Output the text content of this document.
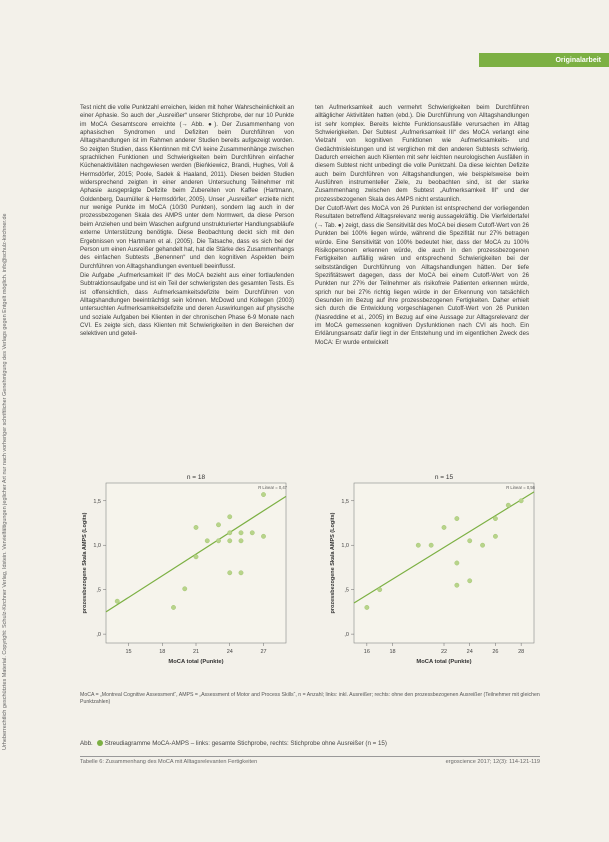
Urheberrechtlich geschütztes Material. Copyright: Schulz-Kirchner Verlag, Idstein. Vervielfältigungen jeglicher Art nur nach vorheriger schriftlicher Genehmigung des Verlags gegen Entgelt möglich. info@schulz-kirchner.de
Originalarbeit

Test nicht die volle Punktzahl erreichen, leiden mit hoher Wahrscheinlichkeit an einer Aphasie. So auch der „Ausreißer“ unserer Stichprobe, der nur 10 Punkte im MoCA Gesamtscore erreichte (→ Abb. ●). Der Zusammenhang von aphasischen Syndromen und Defiziten beim Durchführen von Alltagshandlungen ist im Rahmen anderer Studien bereits aufgezeigt worden. So zeigten Studien, dass Klientinnen mit CVI keine Zusammenhänge zwischen sprachlichen Funktionen und Schwierigkeiten beim Durchführen einfacher Küchenaktivitäten nachgewiesen werden (Bieńkiewicz, Brandi, Hughes, Voll & Hermsdörfer, 2015; Poole, Sadek & Haaland, 2011). Diesen beiden Studien widersprechend zeigten in einer anderen Untersuchung Teilnehmer mit Aphasie ausgeprägte Defizite beim Zubereiten von Kaffee (Hartmann, Goldenberg, Daumüller & Hermsdörfer, 2005). Unser „Ausreißer“ erzielte nicht nur wenige Punkte im MoCA (10/30 Punkten), sondern lag auch in der prozessbezogenen Skala des AMPS unter dem Normwert, da diese Person beim Anziehen und beim Waschen aufgrund unstrukturierter Handlungsabläufe externe Unterstützung benötigte. Diese Beobachtung deckt sich mit den Ergebnissen von Hartmann et al. (2005). Die Tatsache, dass es sich bei der Person um einen Ausreißer gehandelt hat, hat die Stärke des Zusammenhangs des einfachen Subtests „Benennen“ und den kognitiven Aspekten beim Durchführen von Alltagshandlungen eventuell beeinflusst.

Die Aufgabe „Aufmerksamkeit II“ des MoCA bezieht aus einer fortlaufenden Subtraktionsaufgabe und ist ein Teil der schwierigsten des gesamten Tests. Es ist offensichtlich, dass Aufmerksamkeitsdefizite beim Durchführen von Alltagshandlungen beeinträchtigt sein können. McDowd und Kollegen (2003) untersuchten Aufmerksamkeitsdefizite und deren Auswirkungen auf physische und soziale Aufgaben bei Klienten in der chronischen Phase 6-9 Monate nach CVI. Es zeigte sich, dass Klienten mit Schwierigkeiten in den Bereichen der selektiven und geteil-

ten Aufmerksamkeit auch vermehrt Schwierigkeiten beim Durchführen alltäglicher Aktivitäten hatten (ebd.). Die Durchführung von Alltagshandlungen ist sehr komplex. Bereits leichte Funktionsausfälle verursachen im Alltag Schwierigkeiten. Der Subtest „Aufmerksamkeit III“ des MoCA verlangt eine Vielzahl von kognitiven Funktionen wie Aufmerksamkeits- und Gedächtnisleistungen und ist verglichen mit den anderen Subtests schwierig. Dadurch erreichen auch Klienten mit sehr leichten neurologischen Ausfällen in diesem Subtest nicht unbedingt die volle Punktzahl. Da diese leichten Defizite auch beim Durchführen von Alltagshandlungen, wie beispielsweise beim Ausführen instrumenteller Ziele, zu beobachten sind, ist der starke Zusammenhang zwischen dem Subtest „Aufmerksamkeit III“ und der prozessbezogenen Skala des AMPS nicht erstaunlich.

Der Cutoff-Wert des MoCA von 26 Punkten ist entsprechend der vorliegenden Resultaten betreffend Alltagsrelevanz wenig aussagekräftig. Die Vierfeldertafel (→ Tab. ●) zeigt, dass die Sensitivität des MoCA bei diesem Cutoff-Wert von 26 Punkten bei 100% liegen würde, während die Spezifität nur 27% betragen würde. Eine Sensitivität von 100% bedeutet hier, dass der MoCA zu 100% Risikopersonen erkennen würde, die auch in den prozessbezogenen Fertigkeiten auffällig wären und entsprechend Schwierigkeiten bei der selbstständigen Durchführung von Alltagshandlungen hätten. Der tiefe Spezifitätswert dagegen, dass der MoCA bei einem Cutoff-Wert von 26 Punkten nur 27% der Teilnehmer als risikofreie Patienten erkennen würde, sprich nur bei 27% richtig liegen würde in der Erkennung von tatsächlich Gesunden im Bezug auf ihre prozessbezogenen Fertigkeiten. Daher erhielt sich durch die Entwicklung vorgeschlagenen Cutoff-Wert von 26 Punkten (Nasreddine et al., 2005) im Bezug auf eine Aussage zur Alltagsrelevanz der im MoCA gemessenen kognitiven Dysfunktionen nach CVI als hoch. Ein Erklärungsansatz dafür liegt in der Entstehung und im eigentlichen Zweck des MoCA: Er wurde entwickelt

n = 18
R Linear = 0,47
15	18	21	24	27
1,5
1,0
,5
,0
MoCA total (Punkte)
prozessbezogene Skala AMPS (Logits)
n = 15
R Linear = 0,56
16	18	22	24	26	28
1,5
1,0
,5
,0
MoCA total (Punkte)
prozessbezogene Skala AMPS (Logits)
MoCA = „Montreal Cognitive Assessment“, AMPS = „Assessment of Motor and Process Skills“, n = Anzahl; links: inkl. Ausreißer; rechts: ohne den prozessbezogenen Ausreißer (Teilnehmer mit gleichen Punktzahlen)
Abb. Streudiagramme MoCA-AMPS – links: gesamte Stichprobe, rechts: Stichprobe ohne Ausreißer (n = 15)
Tabelle 6: Zusammenhang des MoCA mit Alltagsrelevanten Fertigkeiten	ergoscience 2017; 12(3): 114-121-119
